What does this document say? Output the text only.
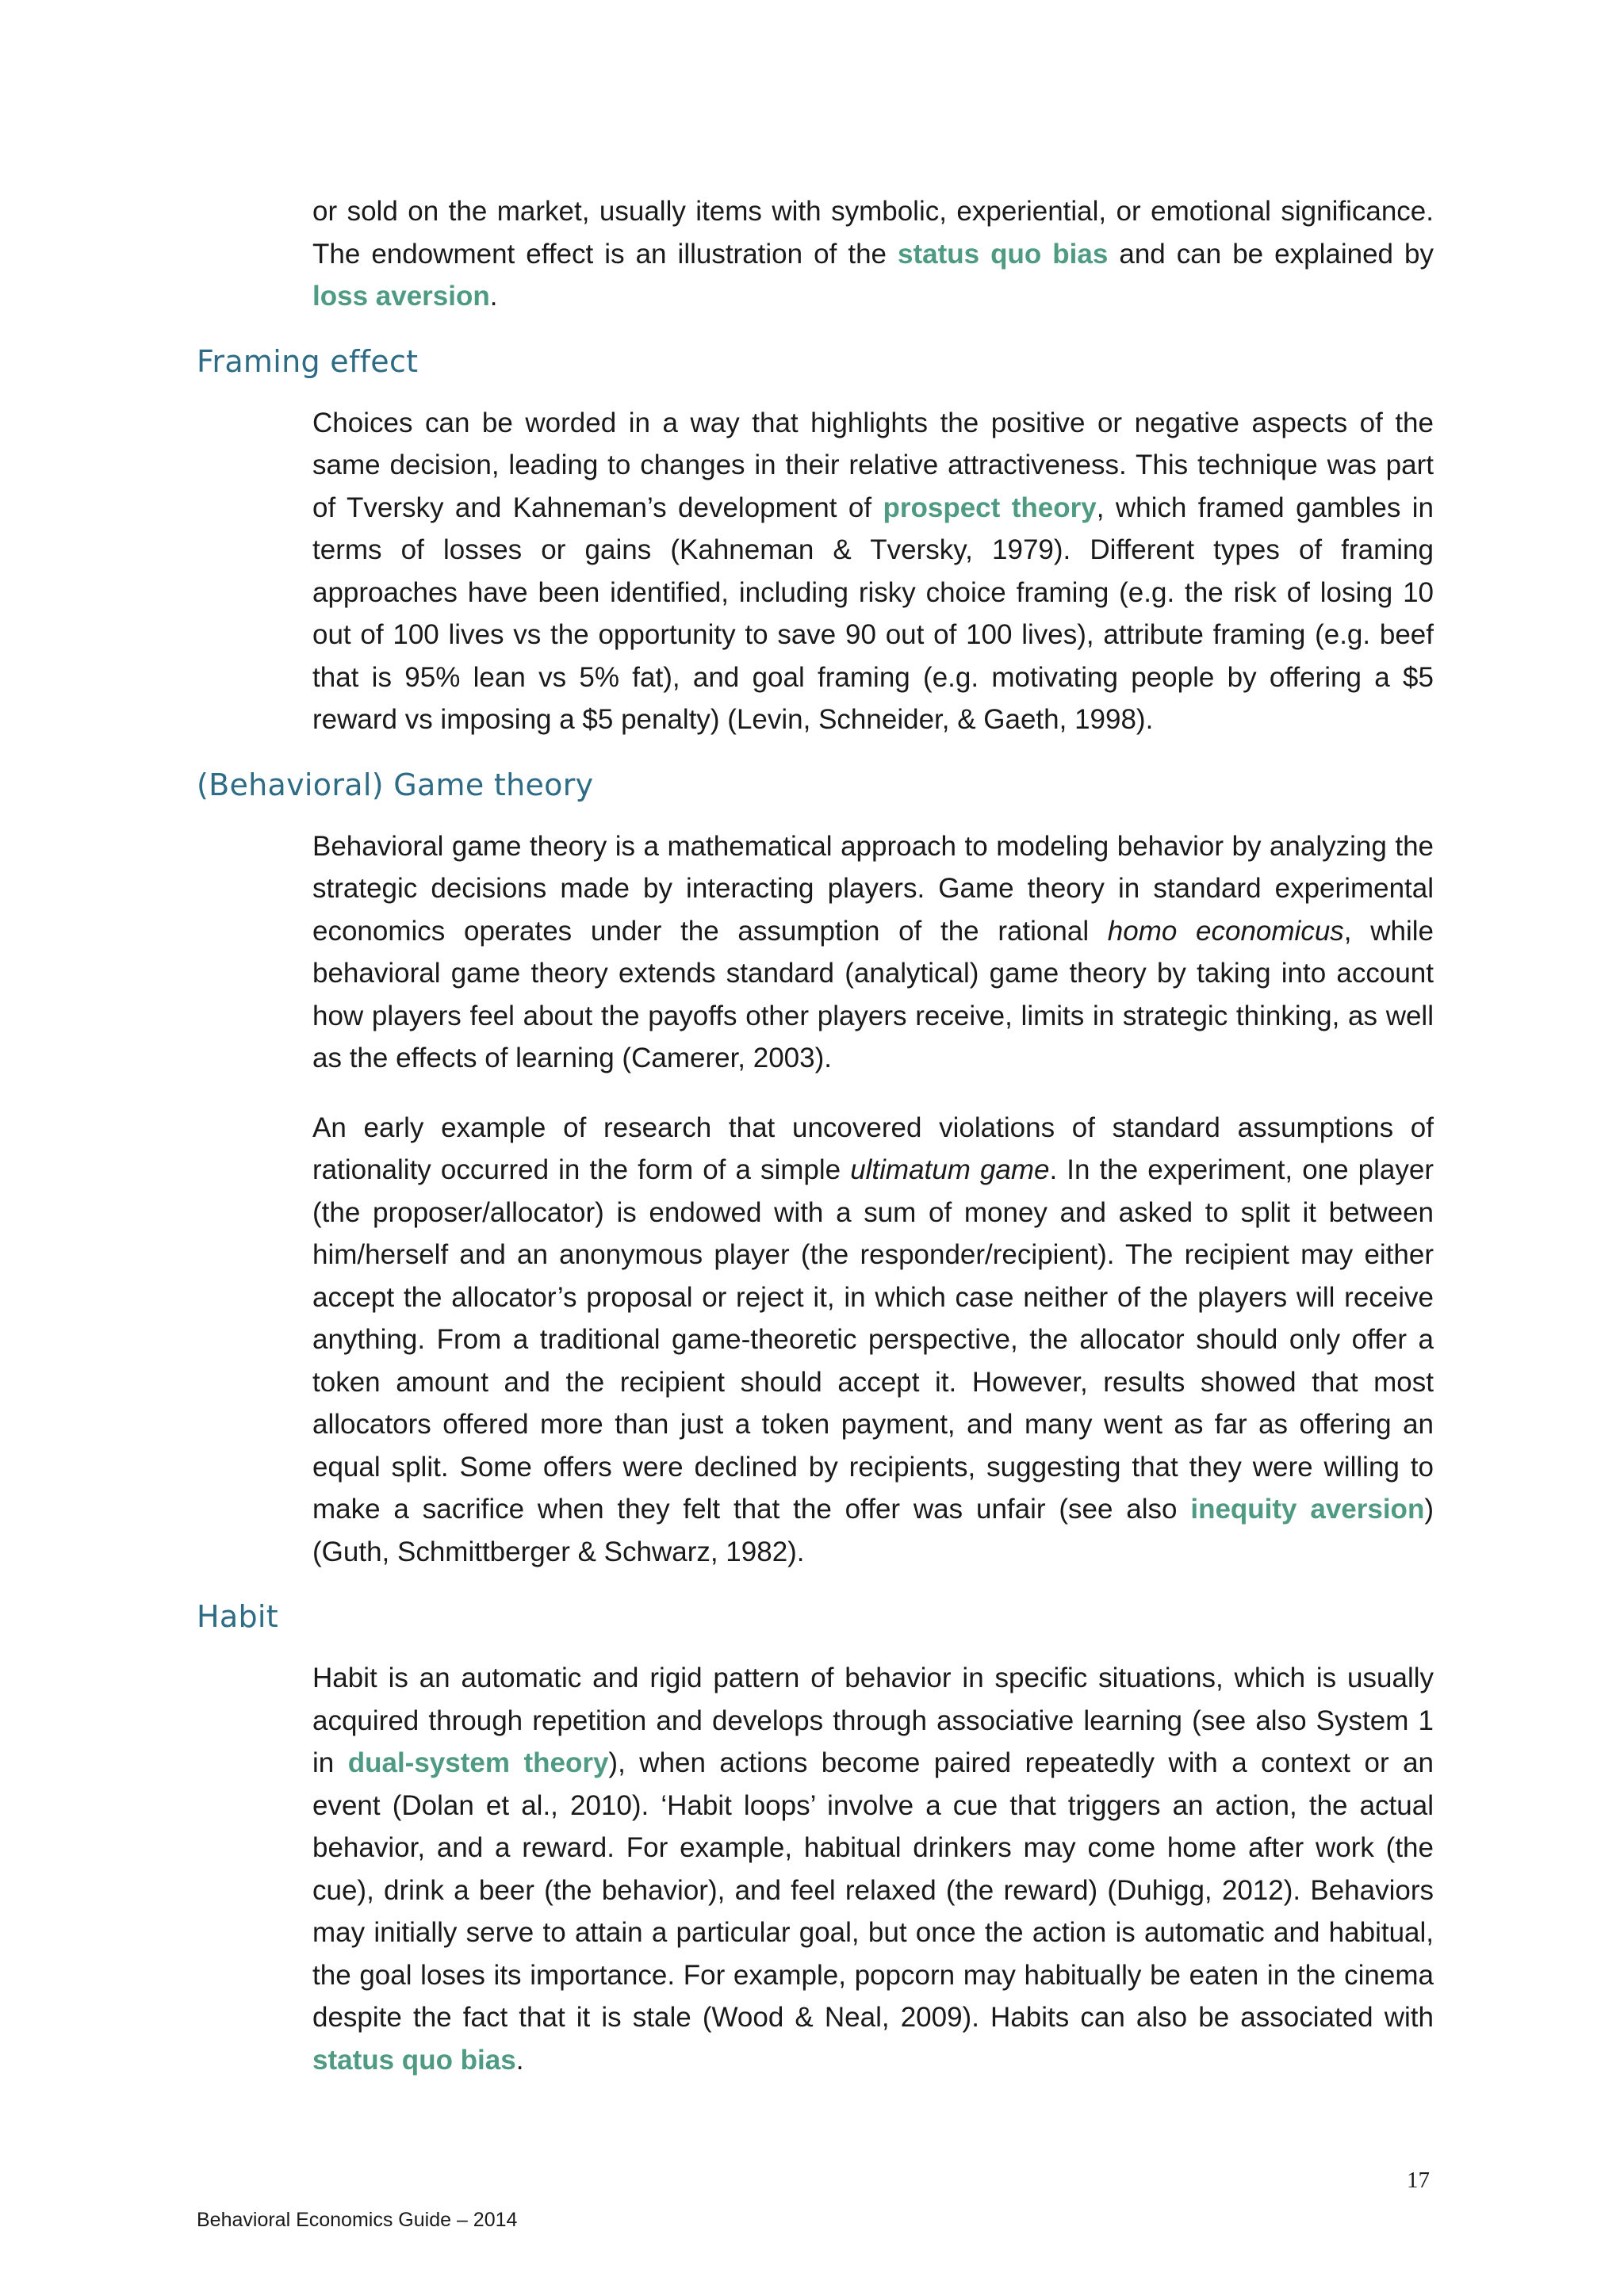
or sold on the market, usually items with symbolic, experiential, or emotional significance. The endowment effect is an illustration of the status quo bias and can be explained by loss aversion.

Framing effect

Choices can be worded in a way that highlights the positive or negative aspects of the same decision, leading to changes in their relative attractiveness. This technique was part of Tversky and Kahneman’s development of prospect theory, which framed gambles in terms of losses or gains (Kahneman & Tversky, 1979). Different types of framing approaches have been identified, including risky choice framing (e.g. the risk of losing 10 out of 100 lives vs the opportunity to save 90 out of 100 lives), attribute framing (e.g. beef that is 95% lean vs 5% fat), and goal framing (e.g. motivating people by offering a $5 reward vs imposing a $5 penalty) (Levin, Schneider, & Gaeth, 1998).

(Behavioral) Game theory

Behavioral game theory is a mathematical approach to modeling behavior by analyzing the strategic decisions made by interacting players. Game theory in standard experimental economics operates under the assumption of the rational homo economicus, while behavioral game theory extends standard (analytical) game theory by taking into account how players feel about the payoffs other players receive, limits in strategic thinking, as well as the effects of learning (Camerer, 2003).

An early example of research that uncovered violations of standard assumptions of rationality occurred in the form of a simple ultimatum game. In the experiment, one player (the proposer/allocator) is endowed with a sum of money and asked to split it between him/herself and an anonymous player (the responder/recipient). The recipient may either accept the allocator’s proposal or reject it, in which case neither of the players will receive anything. From a traditional game-theoretic perspective, the allocator should only offer a token amount and the recipient should accept it. However, results showed that most allocators offered more than just a token payment, and many went as far as offering an equal split. Some offers were declined by recipients, suggesting that they were willing to make a sacrifice when they felt that the offer was unfair (see also inequity aversion) (Guth, Schmittberger & Schwarz, 1982).

Habit

Habit is an automatic and rigid pattern of behavior in specific situations, which is usually acquired through repetition and develops through associative learning (see also System 1 in dual-system theory), when actions become paired repeatedly with a context or an event (Dolan et al., 2010). ‘Habit loops’ involve a cue that triggers an action, the actual behavior, and a reward. For example, habitual drinkers may come home after work (the cue), drink a beer (the behavior), and feel relaxed (the reward) (Duhigg, 2012). Behaviors may initially serve to attain a particular goal, but once the action is automatic and habitual, the goal loses its importance. For example, popcorn may habitually be eaten in the cinema despite the fact that it is stale (Wood & Neal, 2009). Habits can also be associated with status quo bias.

17
Behavioral Economics Guide – 2014
